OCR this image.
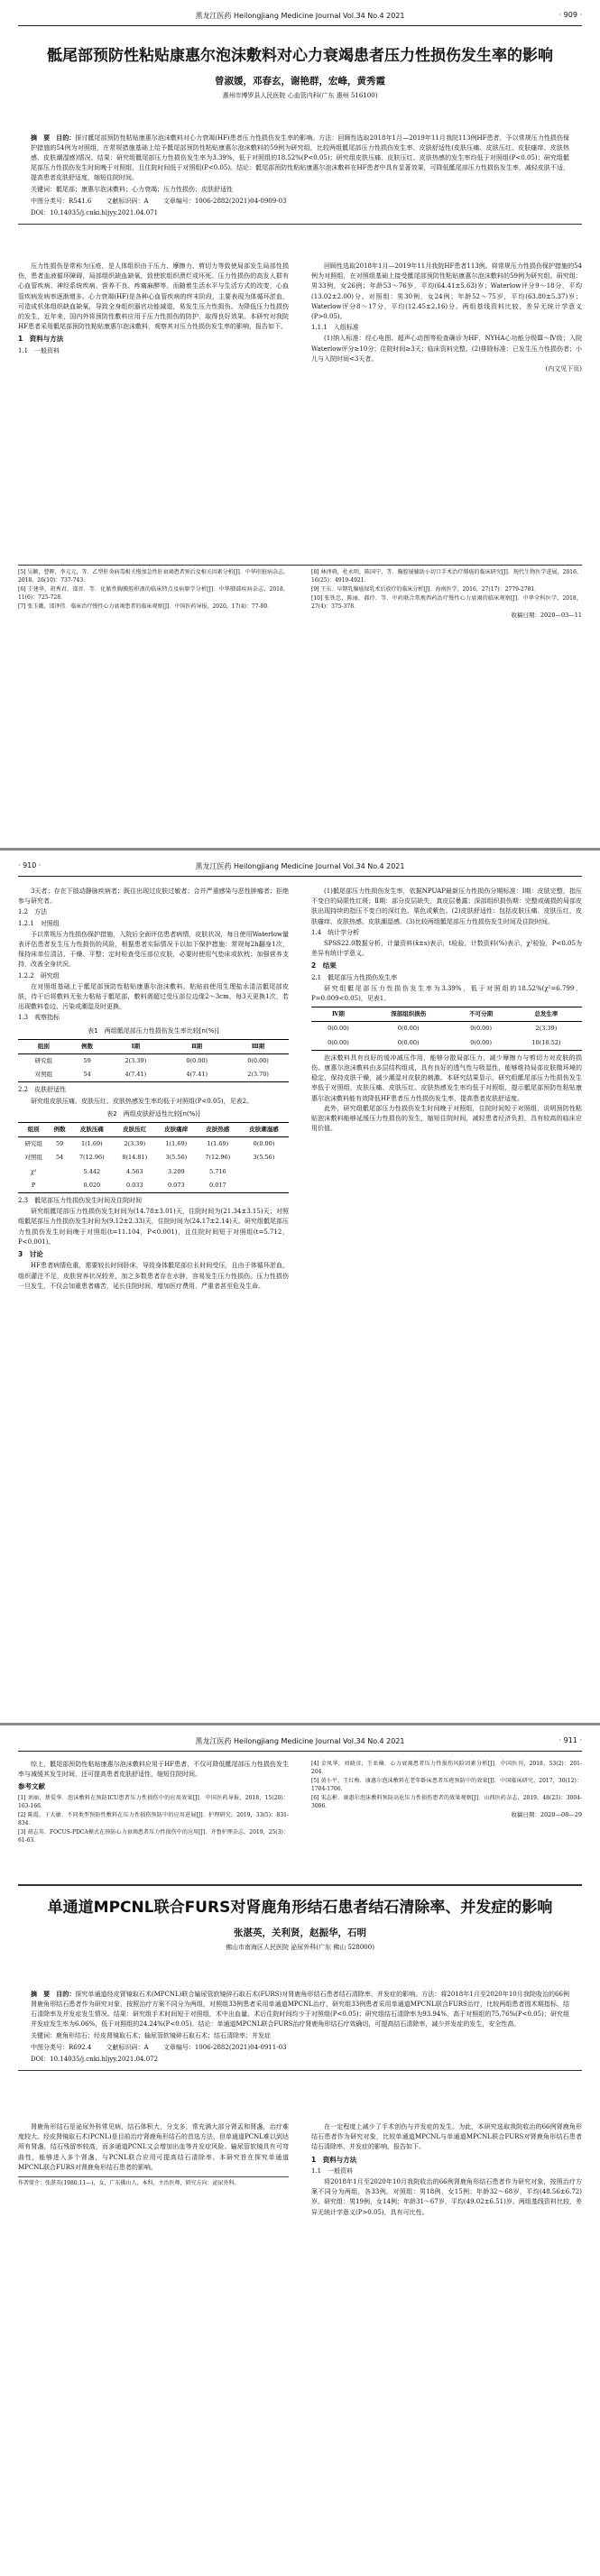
黑龙江医药 Heilongjiang Medicine Journal Vol.34 No.4 2021	· 909 ·
骶尾部预防性粘贴康惠尔泡沫敷料对心力衰竭患者压力性损伤发生率的影响
曾淑媛，邓春玄，谢艳群，宏峰，黄秀霞
惠州市博罗县人民医院 心血管内科(广东 惠州 516100)
摘　要　目的：探讨骶尾部预防性粘贴康惠尔泡沫敷料对心力衰竭(HF)患者压力性损伤发生率的影响。方法：回顾性选取2018年1月—2019年11月我院113例HF患者，予以常规压力性损伤保护措施的54例为对照组，在常规措施基础上给予骶尾部预防性粘贴康惠尔泡沫敷料的59例为研究组，比较两组骶尾部压力性损伤发生率、皮肤舒适性(皮肤压痛、皮肤压红、皮肤瘙痒、皮肤热感、皮肤潮湿感)情况。结果：研究组骶尾部压力性损伤发生率为3.39%，低于对照组的18.52%(P<0.05)；研究组皮肤压痛、皮肤压红、皮肤热感的发生率均低于对照组(P<0.05)；研究组骶尾部压力性损伤发生时间晚于对照组，且住院时间低于对照组(P<0.05)。结论：骶尾部预防性粘贴康惠尔泡沫敷料在HF患者中具有显著效果，可降低骶尾部压力性损伤发生率，减轻皮肤不适，提高患者皮肤舒适度，缩短住院时间。
关键词：骶尾部；康惠尔泡沫敷料；心力衰竭；压力性损伤；皮肤舒适性
中图分类号：R541.6　　 文献标识码：A　　 文章编号：1006-2882(2021)04-0909-03
DOI：10.14035/j.cnki.hljyy.2021.04.071

压力性损伤是常称为压疮，是人体组织由于压力、摩擦力、剪切力等致使局部发生局部性损伤，患者血液循环障碍，局部组织缺血缺氧，致使软组织溃烂或坏死。压力性损伤的高发人群有心血管疾病、神经系统疾病、营养不良、疼痛麻醉等。而随着生活水平与生活方式的改变，心血管疾病发病率逐渐增多。心力衰竭(HF)是各种心血管疾病的终末阶段，主要表现为体循环淤血，可造成机体组织缺血缺氧，导致全身组织器官功能减退，易发生压力性损伤。为降低压力性损伤的发生，近年来，国内外将预防性敷料应用于压力性损伤的防护，取得良好效果。本研究对我院HF患者采用骶尾部预防性粘贴康惠尔泡沫敷料，观察其对压力性损伤发生率的影响，报告如下。

1　资料与方法
1.1　一般资料

回顾性选取2018年1月—2019年11月我院HF患者113例。将常规压力性损伤保护措施的54例为对照组，在对照组基础上接受骶尾部预防性粘贴康惠尔泡沫敷料的59例为研究组。研究组：男33例，女26例；年龄53～76岁，平均(64.41±5.63)岁；Waterlow评分9～18分，平均(13.02±2.00)分。对照组：男30例，女24例；年龄52～75岁，平均(63.80±5.37)岁；Waterlow评分8～17分，平均(12.45±2.16)分。两组基线资料比较，差异无统计学意义(P>0.05)。

1.1.1　入组标准

(1)纳入标准：经心电图、超声心动图等检查确诊为HF，NYHA心功能分级Ⅲ～Ⅳ级；入院Waterlow评分≥10分；住院时间≥3天；临床资料完整。(2)排除标准：已发生压力性损伤者；小儿与入院时间<3天者。

(内文见下页)
[5] 吴颖，曹晖，李元元，等．乙型肝炎病毒相关慢加急性肝衰竭患者预后及相关因素分析[J]．中华肝脏病杂志，2018，26(10)：737-743．
[6] 王建华，胡秀君，邵晋．等．化脓性胸膜腔积液的临床特点及病原学分析[J]．中华肺部疾病杂志，2018，11(6)：725-728．
[7] 张玉娥，邵泽伟．临床治疗慢性心力衰竭患者的临床观察[J]．中国医药导报，2020，17(4)：77-80．
[8] 林泽舜，杜永明，陈国宁，等．胸腔镜辅助小切口手术治疗肺癌的临床研究[J]．现代生物医学进展，2016，16(25)：4919-4921．
[9] 王东．早期乳腺癌保乳术后放疗的临床分析[J]．海南医学，2016，27(17)：2779-2781．
[10] 张铁忠，陈丽，郝玲．等．中药联合常规西药治疗慢性心力衰竭的临床观察[J]．中华全科医学，2018，27(4)：375-378．
收稿日期：2020—03—11
· 910 ·	黑龙江医药 Heilongjiang Medicine Journal Vol.34 No.4 2021

3天者；存在下肢动静脉疾病者；既往出现过皮肤过敏者；合并严重感染与恶性肿瘤者；拒绝参与研究者。

1.2　方法
1.2.1　对照组

予以常规压力性损伤保护措施，入院后全面评估患者病情，皮肤状况，每日使用Waterlow量表评估患者发生压力性损伤的风险，根据患者实际情况予以如下保护措施：常规每2h翻身1次，保持床单位清洁、干燥、平整；定时检查受压部位皮肤，必要时使用气垫床或软枕；加强营养支持，改善全身状况。

1.2.2　研究组

在对照组基础上于骶尾部预防性粘贴康惠尔泡沫敷料。粘贴前使用生理盐水清洁骶尾部皮肤，待干后将敷料无张力粘贴于骶尾部，敷料需超过受压部位边缘2～3cm，每3天更换1次，若出现敷料卷边、污染或潮湿及时更换。

1.3　观察指标
表1　两组骶尾部压力性损伤发生率比较[n(%)]
组别	例数	Ⅰ期	Ⅱ期	Ⅲ期
研究组	59	2(3.39)	0(0.00)	0(0.00)
对照组	54	4(7.41)	4(7.41)	2(3.70)
2.2　皮肤舒适性

研究组皮肤压痛、皮肤压红、皮肤热感发生率均低于对照组(P<0.05)，见表2。

表2　两组皮肤舒适性比较[n(%)]
组别	例数	皮肤压痛	皮肤压红	皮肤瘙痒	皮肤热感	皮肤潮湿感
研究组	59	1(1.69)	2(3.39)	1(1.69)	1(1.69)	0(0.00)
对照组	54	7(12.96)	8(14.81)	3(5.56)	7(12.96)	3(5.56)
χ²		5.442	4.563	3.209	5.716	
P		0.020	0.033	0.073	0.017	
2.3　骶尾部压力性损伤发生时间及住院时间

研究组骶尾部压力性损伤发生时间为(14.78±3.01)天，住院时间为(21.34±3.15)天；对照组骶尾部压力性损伤发生时间为(9.12±2.33)天，住院时间为(24.17±2.14)天。研究组骶尾部压力性损伤发生时间晚于对照组(t=11.104，P<0.001)，且住院时间短于对照组(t=5.712，P<0.001)。

3　讨论

HF患者病情危重，需要较长时间卧床，导致身体骶尾部位长时间受压，且由于体循环淤血，组织灌注不足，皮肤营养状况较差，加之多数患者存在水肿，容易发生压力性损伤。压力性损伤一旦发生，不仅会加重患者痛苦，延长住院时间，增加医疗费用，严重者甚至危及生命。

(1)骶尾部压力性损伤发生率，依据NPUAP最新压力性损伤分期标准：Ⅰ期：皮肤完整，指压不变白的局限性红斑；Ⅱ期：部分皮层缺失，真皮层暴露；深部组织损伤期：完整或破损的局部皮肤出现持续的指压不变白的深红色、栗色或紫色。(2)皮肤舒适性：包括皮肤压痛、皮肤压红、皮肤瘙痒、皮肤热感、皮肤潮湿感。(3)比较两组骶尾部压力性损伤发生时间及住院时间。

1.4　统计学分析

SPSS22.0数据分析，计量资料(x̄±s)表示，t检验，计数资料(%)表示，χ²检验，P<0.05为差异有统计学意义。

2　结果
2.1　骶尾部压力性损伤发生率

研究组骶尾部压力性损伤发生率为3.39%，低于对照组的18.52%(χ²=6.799，P=0.009<0.05)，见表1。

Ⅳ期	深部组织损伤	不可分期	总发生率
0(0.00)	0(0.00)	0(0.00)	2(3.39)
0(0.00)	0(0.00)	0(0.00)	10(18.52)

泡沫敷料具有良好的缓冲减压作用，能够分散局部压力，减少摩擦力与剪切力对皮肤的损伤。康惠尔泡沫敷料由多层结构组成，具有良好的透气性与吸湿性，能够维持局部皮肤微环境的稳定，保持皮肤干燥，减少潮湿对皮肤的刺激。本研究结果显示，研究组骶尾部压力性损伤发生率低于对照组，皮肤压痛、皮肤压红、皮肤热感发生率均低于对照组，提示骶尾部预防性粘贴康惠尔泡沫敷料能有效降低HF患者压力性损伤发生率，提高患者皮肤舒适度。

此外，研究组骶尾部压力性损伤发生时间晚于对照组，住院时间短于对照组，说明预防性粘贴泡沫敷料能够延缓压力性损伤的发生，缩短住院时间，减轻患者经济负担，具有较高的临床应用价值。

黑龙江医药 Heilongjiang Medicine Journal Vol.34 No.4 2021	· 911 ·

综上，骶尾部预防性粘贴康惠尔泡沫敷料应用于HF患者，不仅可降低骶尾部压力性损伤发生率与减缓其发生时间，还可提高患者皮肤舒适性，缩短住院时间。

参考文献
[1] 刘丽，蔡爱华．泡沫敷料在预防ICU患者压力性损伤中的应用效果[J]．中国医药导报，2018，15(20)：163-166．
[2] 陈霞，于大敏．不同类型预防性敷料在压力性损伤预防中的应用进展[J]．护理研究，2019，33(5)：831-834．
[3] 胡志英．FOCUS-PDCA模式在预防心力衰竭患者压力性损伤中的应用[J]．齐鲁护理杂志，2019，25(3)：61-63．
[4] 金凤华，刘晓彦，王亚楠．心力衰竭患者压力性损伤风险因素分析[J]．中国医刊，2018，53(2)：201-204．
[5] 黄小平，王红梅．康惠尔泡沫敷料在老年卧床患者压疮预防中的效果[J]．中国临床研究，2017，30(12)：1704-1706．
[6] 宋志彬．康惠尔泡沫敷料预防高危压力性损伤患者的效果观察[J]．山西医药杂志，2019，48(23)：3004-3006．
收稿日期：2020—08—29
单通道MPCNL联合FURS对肾鹿角形结石患者结石清除率、并发症的影响
张湛英，关利贤，赵振华，石明
佛山市南海区人民医院 泌尿外科(广东 佛山 528000)
摘　要　目的：探究单通道经皮肾镜取石术(MPCNL)联合输尿管软镜碎石取石术(FURS)对肾鹿角形结石患者结石清除率、并发症的影响。方法：将2018年1月至2020年10月我院收治的66例肾鹿角形结石患者作为研究对象，按照治疗方案不同分为两组，对照组33例患者采用单通道MPCNL治疗，研究组33例患者采用单通道MPCNL联合FURS治疗，比较两组患者围术期指标、结石清除率及并发症发生情况。结果：研究组手术时间短于对照组，术中出血量、术后住院时间均少于对照组(P<0.05)；研究组结石清除率为93.94%，高于对照组的75.76%(P<0.05)；研究组并发症发生率为6.06%，低于对照组的24.24%(P<0.05)。结论：单通道MPCNL联合FURS治疗肾鹿角形结石疗效确切，可提高结石清除率，减少并发症的发生，安全性高。
关键词：鹿角形结石；经皮肾镜取石术；输尿管软镜碎石取石术；结石清除率；并发症
中图分类号：R692.4　　 文献标识码：A　　 文章编号：1006-2882(2021)04-0911-03
DOI：10.14035/j.cnki.hljyy.2021.04.072

肾鹿角形结石是泌尿外科常见病，结石体积大，分支多，常充满大部分肾盂和肾盏，治疗难度较大。经皮肾镜取石术(PCNL)是目前治疗肾鹿角形结石的首选方法，但单通道PCNL难以到达所有肾盏，结石残留率较高，而多通道PCNL又会增加出血等并发症风险。输尿管软镜具有可弯曲性，能够进入多个肾盏，与PCNL联合应用可提高结石清除率。本研究旨在探究单通道MPCNL联合FURS对肾鹿角形结石患者的影响。

作者简介：张湛英(1980.11—)，女，广东佛山人，本科，主治医师，研究方向：泌尿外科。

在一定程度上减少了手术创伤与并发症的发生。为此，本研究选取我院收治的66例肾鹿角形结石患者作为研究对象，比较单通道MPCNL与单通道MPCNL联合FURS对肾鹿角形结石患者结石清除率、并发症的影响，报告如下。

1　资料与方法
1.1　一般资料

将2018年1月至2020年10月我院收治的66例肾鹿角形结石患者作为研究对象，按照治疗方案不同分为两组，各33例。对照组：男18例，女15例；年龄32～68岁，平均(48.56±6.72)岁。研究组：男19例，女14例；年龄31～67岁，平均(49.02±6.51)岁。两组基线资料比较，差异无统计学意义(P>0.05)，具有可比性。
